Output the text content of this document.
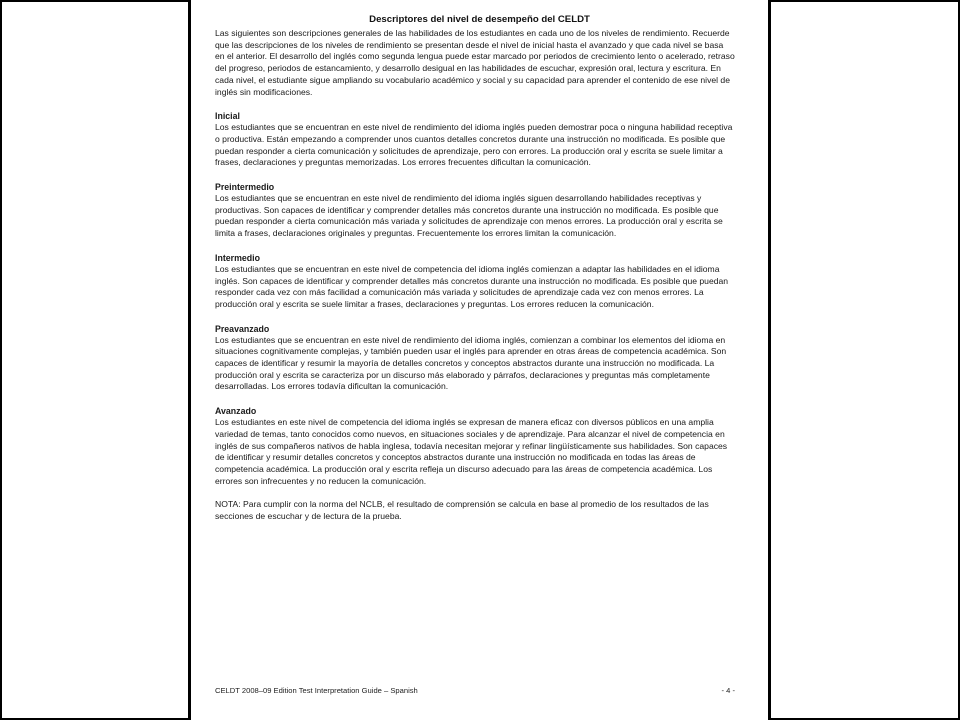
Descriptores del nivel de desempeño del CELDT

Las siguientes son descripciones generales de las habilidades de los estudiantes en cada uno de los niveles de rendimiento. Recuerde que las descripciones de los niveles de rendimiento se presentan desde el nivel de inicial hasta el avanzado y que cada nivel se basa en el anterior. El desarrollo del inglés como segunda lengua puede estar marcado por periodos de crecimiento lento o acelerado, retraso del progreso, periodos de estancamiento, y desarrollo desigual en las habilidades de escuchar, expresión oral, lectura y escritura. En cada nivel, el estudiante sigue ampliando su vocabulario académico y social y su capacidad para aprender el contenido de ese nivel de inglés sin modificaciones.

Inicial

Los estudiantes que se encuentran en este nivel de rendimiento del idioma inglés pueden demostrar poca o ninguna habilidad receptiva o productiva. Están empezando a comprender unos cuantos detalles concretos durante una instrucción no modificada. Es posible que puedan responder a cierta comunicación y solicitudes de aprendizaje, pero con errores. La producción oral y escrita se suele limitar a frases, declaraciones y preguntas memorizadas. Los errores frecuentes dificultan la comunicación.

Preintermedio

Los estudiantes que se encuentran en este nivel de rendimiento del idioma inglés siguen desarrollando habilidades receptivas y productivas. Son capaces de identificar y comprender detalles más concretos durante una instrucción no modificada. Es posible que puedan responder a cierta comunicación más variada y solicitudes de aprendizaje con menos errores. La producción oral y escrita se limita a frases, declaraciones originales y preguntas. Frecuentemente los errores limitan la comunicación.

Intermedio

Los estudiantes que se encuentran en este nivel de competencia del idioma inglés comienzan a adaptar las habilidades en el idioma inglés. Son capaces de identificar y comprender detalles más concretos durante una instrucción no modificada. Es posible que puedan responder cada vez con más facilidad a comunicación más variada y solicitudes de aprendizaje cada vez con menos errores. La producción oral y escrita se suele limitar a frases, declaraciones y preguntas. Los errores reducen la comunicación.

Preavanzado

Los estudiantes que se encuentran en este nivel de rendimiento del idioma inglés, comienzan a combinar los elementos del idioma en situaciones cognitivamente complejas, y también pueden usar el inglés para aprender en otras áreas de competencia académica. Son capaces de identificar y resumir la mayoría de detalles concretos y conceptos abstractos durante una instrucción no modificada. La producción oral y escrita se caracteriza por un discurso más elaborado y párrafos, declaraciones y preguntas más completamente desarrolladas. Los errores todavía dificultan la comunicación.

Avanzado

Los estudiantes en este nivel de competencia del idioma inglés se expresan de manera eficaz con diversos públicos en una amplia variedad de temas, tanto conocidos como nuevos, en situaciones sociales y de aprendizaje. Para alcanzar el nivel de competencia en inglés de sus compañeros nativos de habla inglesa, todavía necesitan mejorar y refinar lingüísticamente sus habilidades. Son capaces de identificar y resumir detalles concretos y conceptos abstractos durante una instrucción no modificada en todas las áreas de competencia académica. La producción oral y escrita refleja un discurso adecuado para las áreas de competencia académica. Los errores son infrecuentes y no reducen la comunicación.

NOTA: Para cumplir con la norma del NCLB, el resultado de comprensión se calcula en base al promedio de los resultados de las secciones de escuchar y de lectura de la prueba.

CELDT 2008–09 Edition Test Interpretation Guide – Spanish	- 4 -
